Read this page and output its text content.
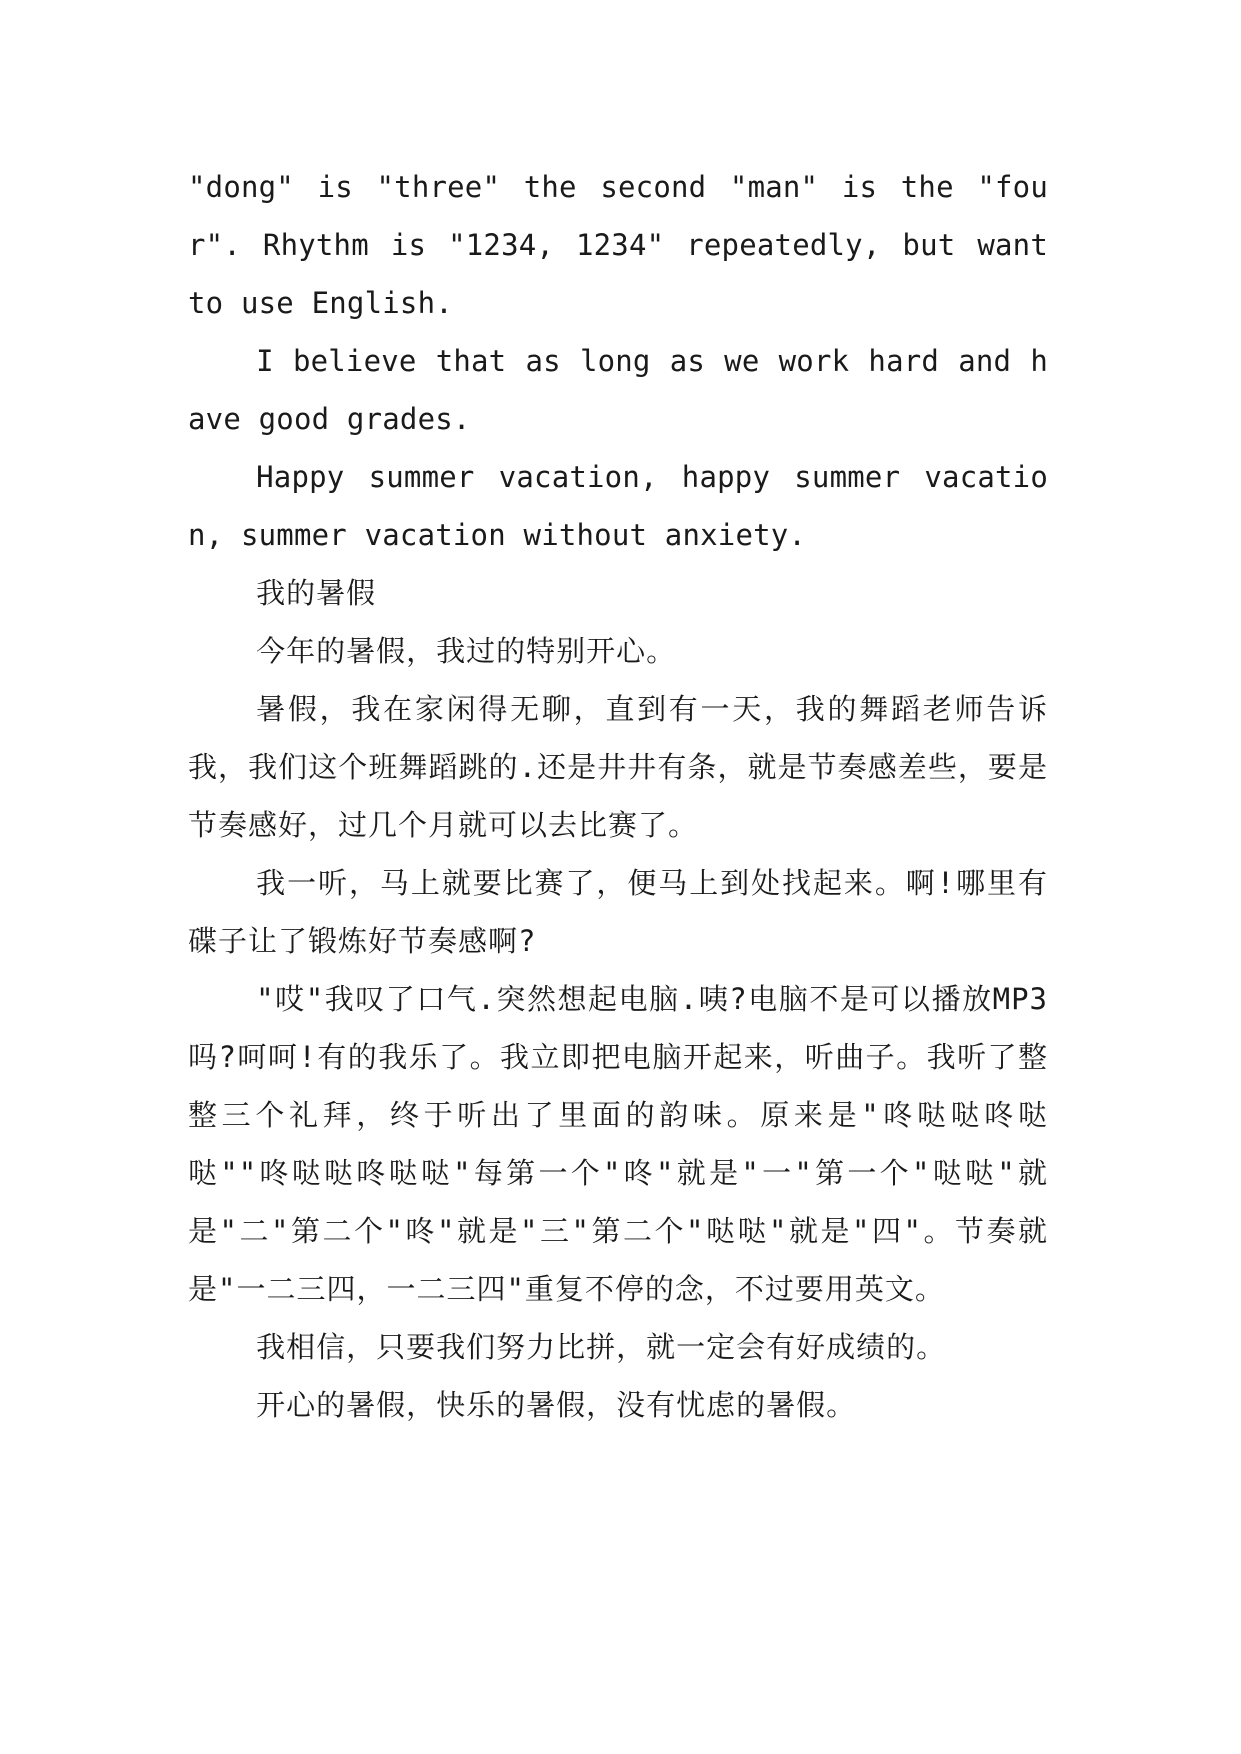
"dong" is "three" the second "man" is the "four". Rhythm is "1234, 1234" repeatedly, but want to use English.

I believe that as long as we work hard and have good grades.

Happy summer vacation, happy summer vacation, summer vacation without anxiety.

我的暑假

今年的暑假，我过的特别开心。

暑假，我在家闲得无聊，直到有一天，我的舞蹈老师告诉我，我们这个班舞蹈跳的.还是井井有条，就是节奏感差些，要是节奏感好，过几个月就可以去比赛了。

我一听，马上就要比赛了，便马上到处找起来。啊!哪里有碟子让了锻炼好节奏感啊?

"哎"我叹了口气.突然想起电脑.咦?电脑不是可以播放MP3吗?呵呵!有的我乐了。我立即把电脑开起来，听曲子。我听了整整三个礼拜，终于听出了里面的韵味。原来是"咚哒哒咚哒哒""咚哒哒咚哒哒"每第一个"咚"就是"一"第一个"哒哒"就是"二"第二个"咚"就是"三"第二个"哒哒"就是"四"。节奏就是"一二三四，一二三四"重复不停的念，不过要用英文。

我相信，只要我们努力比拼，就一定会有好成绩的。

开心的暑假，快乐的暑假，没有忧虑的暑假。
